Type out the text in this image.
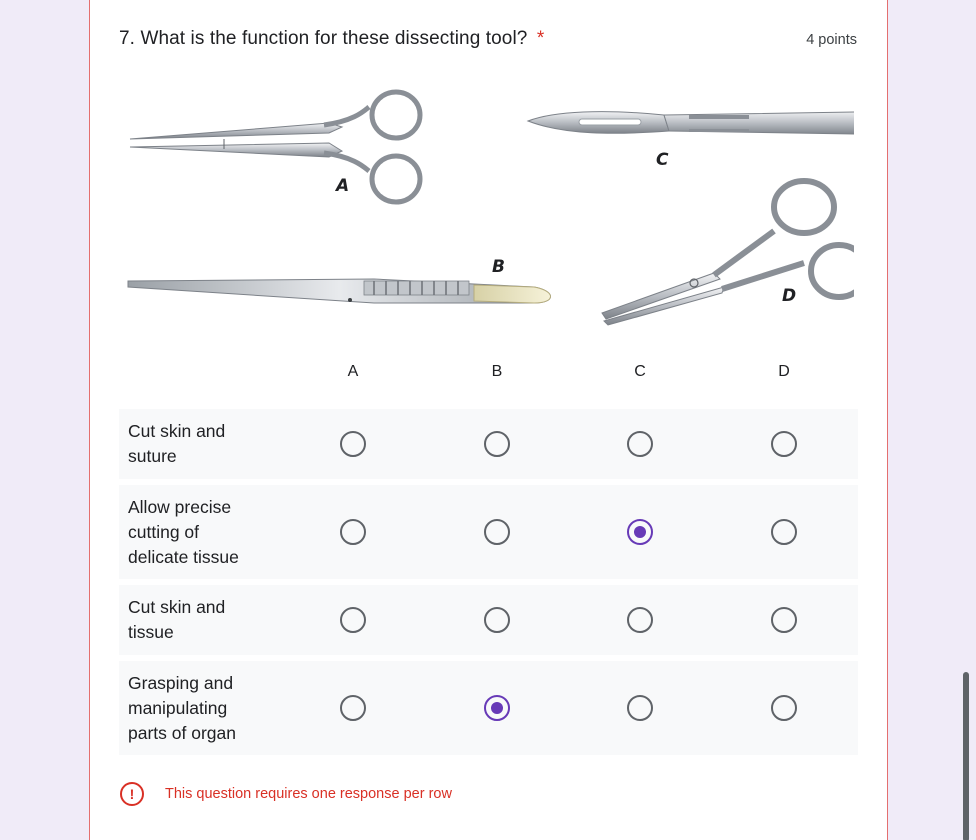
7. What is the function for these dissecting tool? *	4 points
A
C
B
D
A	B	C	D
Cut skin and suture
Allow precise cutting of delicate tissue
Cut skin and tissue
Grasping and manipulating parts of organ
!	This question requires one response per row
